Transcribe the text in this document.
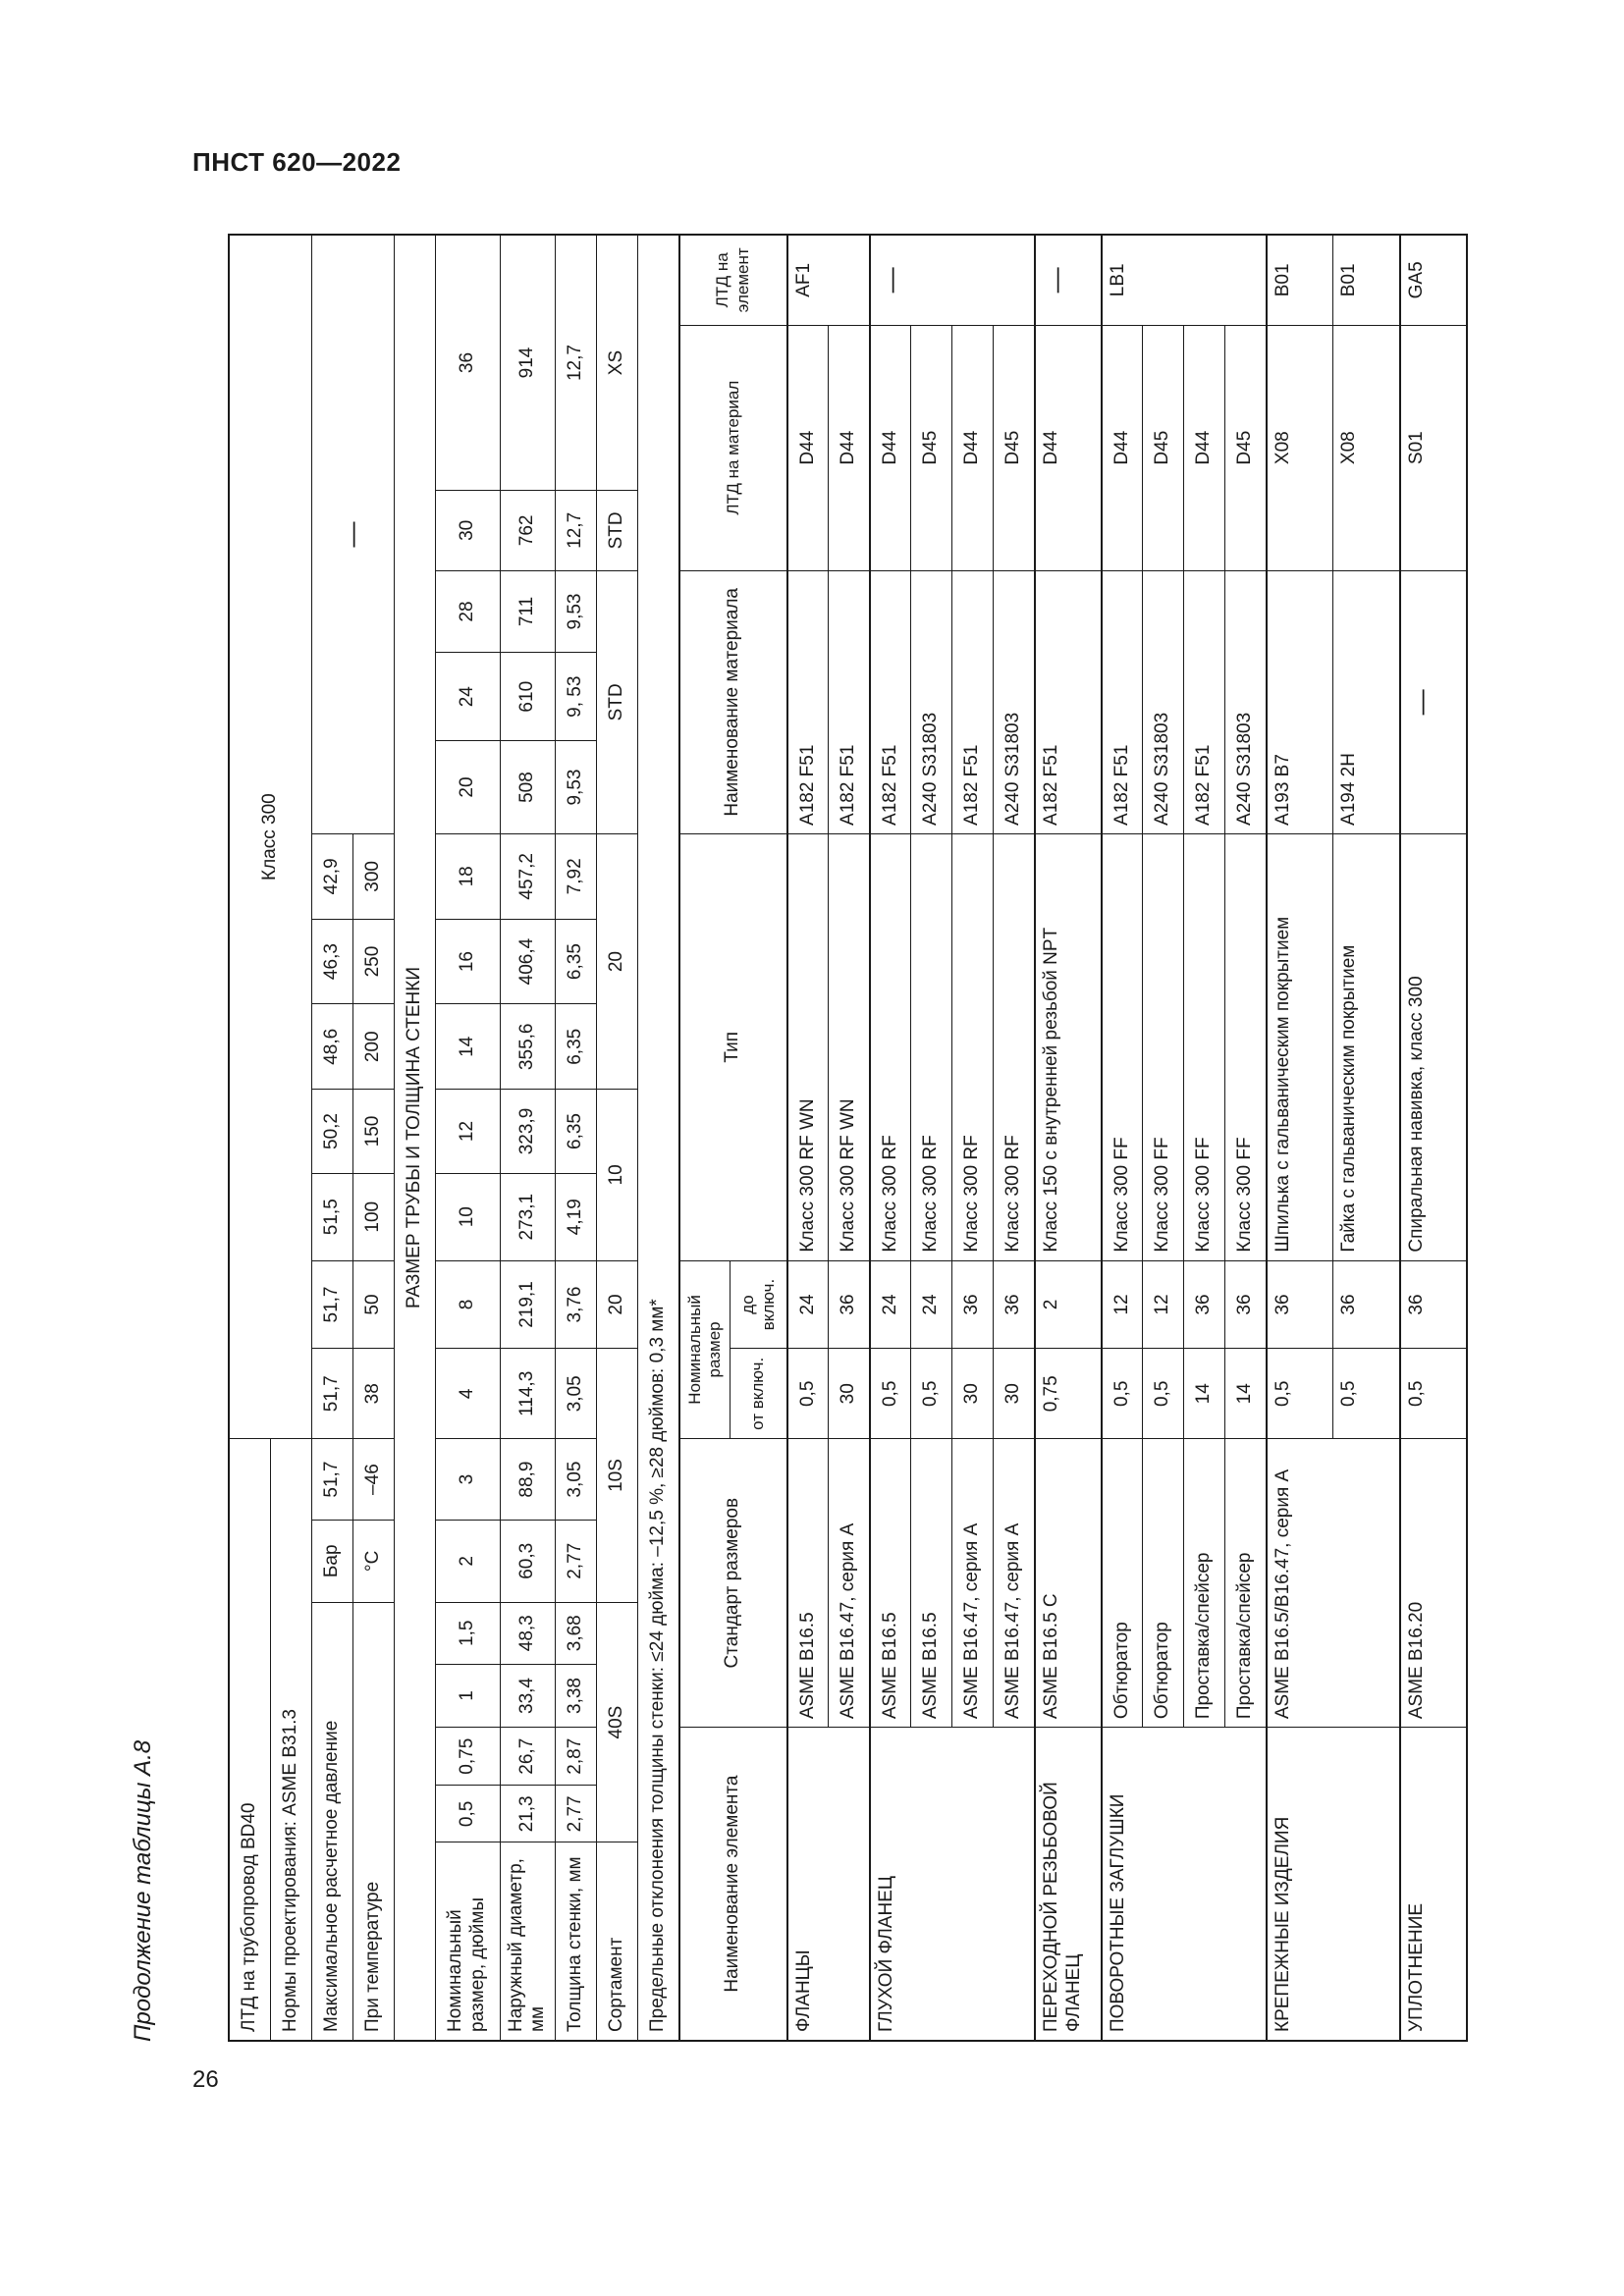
ПНСТ 620—2022
26
Продолжение таблицы А.8	ЛТД на трубопровод BD40							Класс 300												
Нормы проектирования: ASME B31.3																			
Максимальное расчетное давление					Бар	51,7	51,7	51,7	51,5	50,2	48,6	46,3	42,9	—					
При температуре					°C	–46	38	50	100	150	200	250	300						
РАЗМЕР ТРУБЫ И ТОЛЩИНА СТЕНКИ																			
Номинальный размер, дюймы	0,5	0,75	1	1,5	2	3	4	8	10	12	14	16	18	20	24	28	30	36	
Наружный диаметр, мм	21,3	26,7	33,4	48,3	60,3	88,9	114,3	219,1	273,1	323,9	355,6	406,4	457,2	508	610	711	762	914	
Толщина стенки, мм	2,77	2,87	3,38	3,68	2,77	3,05	3,05	3,76	4,19	6,35	6,35	6,35	7,92	9,53	9, 53	9,53	12,7	12,7	
Сортамент	40S				10S			20	10		20			STD			STD	XS	
Предельные отклонения толщины стенки: ≤24 дюйма: –12,5 %, ≥28 дюймов: 0,3 мм*																			
Наименование элемента			Стандарт размеров				Номинальный размер		Тип					Наименование материала			ЛТД на материал		ЛТД на элемент
							от включ.	до включ.											
ФЛАНЦЫ			ASME B16.5				0,5	24	Класс 300 RF WN					A182 F51			D44		AF1
			ASME B16.47, серия A				30	36	Класс 300 RF WN					A182 F51			D44		
ГЛУХОЙ ФЛАНЕЦ			ASME B16.5				0,5	24	Класс 300 RF					A182 F51			D44		—
			ASME B16.5				0,5	24	Класс 300 RF					A240 S31803			D45		
			ASME B16.47, серия A				30	36	Класс 300 RF					A182 F51			D44		
			ASME B16.47, серия A				30	36	Класс 300 RF					A240 S31803			D45		
ПЕРЕХОДНОЙ РЕЗЬБОВОЙ ФЛАНЕЦ			ASME B16.5 C				0,75	2	Класс 150 с внутренней резьбой NPT					A182 F51			D44		—
ПОВОРОТНЫЕ ЗАГЛУШКИ			Обтюратор				0,5	12	Класс 300 FF					A182 F51			D44		LB1
			Обтюратор				0,5	12	Класс 300 FF					A240 S31803			D45		
			Проставка/спейсер				14	36	Класс 300 FF					A182 F51			D44		
			Проставка/спейсер				14	36	Класс 300 FF					A240 S31803			D45		
КРЕПЕЖНЫЕ ИЗДЕЛИЯ			ASME B16.5/B16.47, серия A				0,5	36	Шпилька с гальваническим покрытием					A193 B7			X08		B01
							0,5	36	Гайка с гальваническим покрытием					A194 2H			X08		B01
УПЛОТНЕНИЕ			ASME B16.20				0,5	36	Спиральная навивка, класс 300					—			S01		GA5
